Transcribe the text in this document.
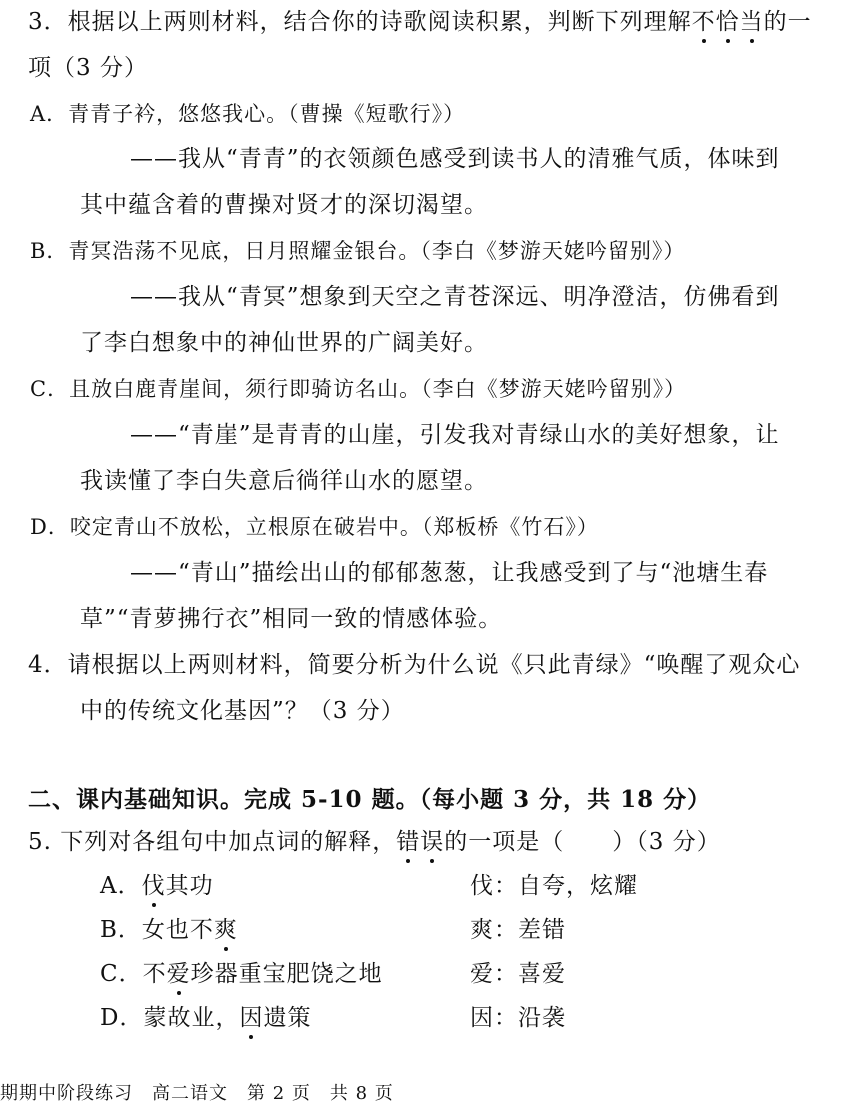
3．根据以上两则材料，结合你的诗歌阅读积累，判断下列理解不恰当的一
项（3 分）
A．青青子衿，悠悠我心。（曹操《短歌行》）
——我从“青青”的衣领颜色感受到读书人的清雅气质，体味到
其中蕴含着的曹操对贤才的深切渴望。
B．青冥浩荡不见底，日月照耀金银台。（李白《梦游天姥吟留别》）
——我从“青冥”想象到天空之青苍深远、明净澄洁，仿佛看到
了李白想象中的神仙世界的广阔美好。
C．且放白鹿青崖间，须行即骑访名山。（李白《梦游天姥吟留别》）
——“青崖”是青青的山崖，引发我对青绿山水的美好想象，让
我读懂了李白失意后徜徉山水的愿望。
D．咬定青山不放松，立根原在破岩中。（郑板桥《竹石》）
——“青山”描绘出山的郁郁葱葱，让我感受到了与“池塘生春
草”“青萝拂行衣”相同一致的情感体验。
4．请根据以上两则材料，简要分析为什么说《只此青绿》“唤醒了观众心
中的传统文化基因”？（3 分）
二、课内基础知识。完成 5-10 题。（每小题 3 分，共 18 分）
5. 下列对各组句中加点词的解释，错误的一项是（　　）（3 分）
A．伐其功	伐：自夸，炫耀
B．女也不爽	爽：差错
C．不爱珍器重宝肥饶之地	爱：喜爱
D．蒙故业，因遗策	因：沿袭
期期中阶段练习　高二语文　第 2 页　共 8 页
